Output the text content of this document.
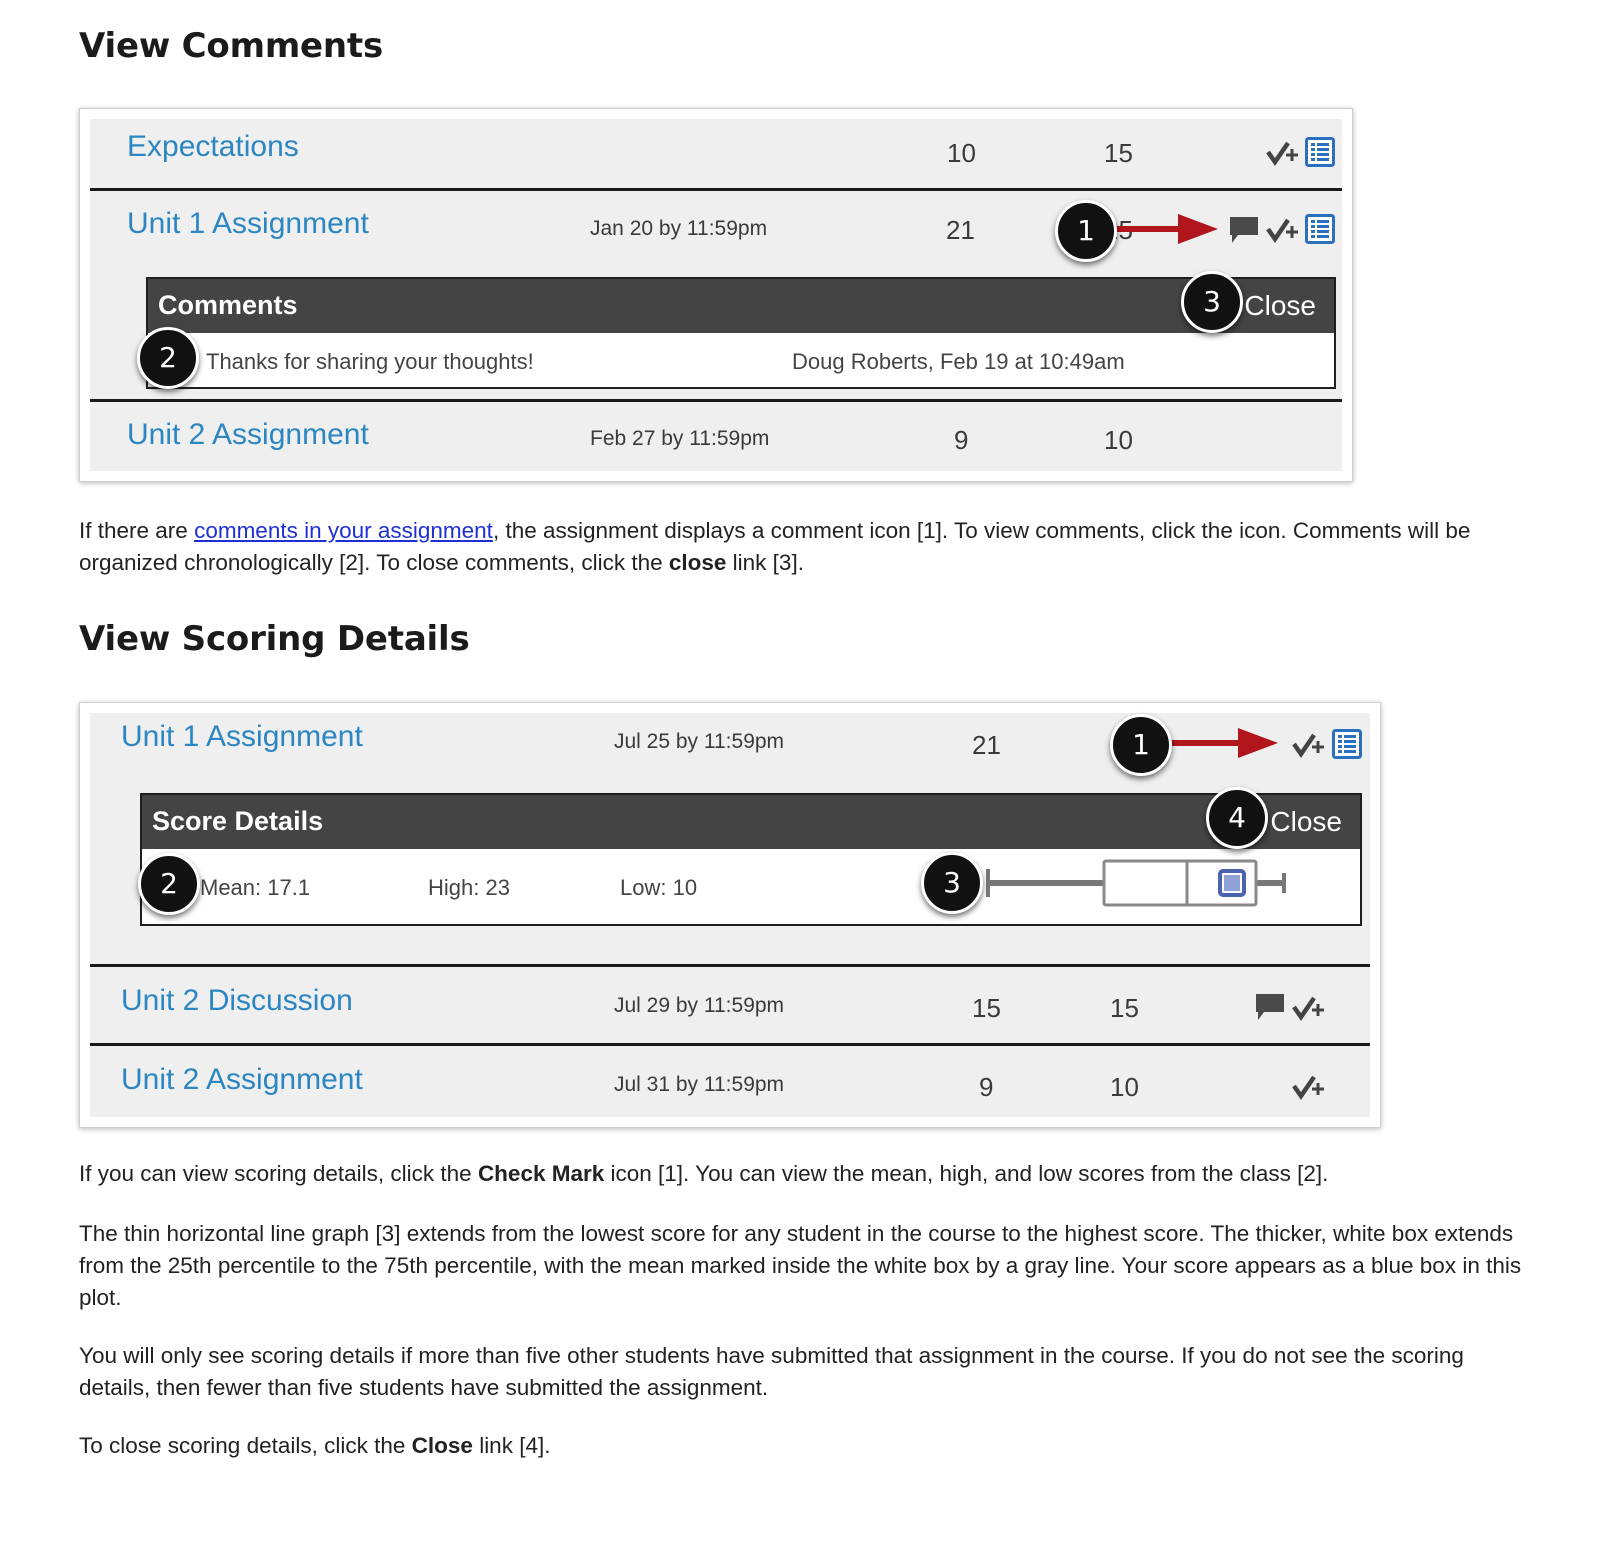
View Comments
Expectations	10	15
Unit 1 Assignment	Jan 20 by 11:59pm	21	1
Comments	Close
Thanks for sharing your thoughts!	Doug Roberts, Feb 19 at 10:49am
2
3
Unit 2 Assignment	Feb 27 by 11:59pm	9	10

If there are comments in your assignment, the assignment displays a comment icon [1]. To view comments, click the icon. Comments will be organized chronologically [2]. To close comments, click the close link [3].

View Scoring Details
Unit 1 Assignment	Jul 25 by 11:59pm	21	1
Score Details	Close
Mean: 17.1	High: 23	Low: 10
2	3
4
Unit 2 Discussion	Jul 29 by 11:59pm	15	15
Unit 2 Assignment	Jul 31 by 11:59pm	9	10

If you can view scoring details, click the Check Mark icon [1]. You can view the mean, high, and low scores from the class [2].

The thin horizontal line graph [3] extends from the lowest score for any student in the course to the highest score. The thicker, white box extends from the 25th percentile to the 75th percentile, with the mean marked inside the white box by a gray line. Your score appears as a blue box in this plot.

You will only see scoring details if more than five other students have submitted that assignment in the course. If you do not see the scoring details, then fewer than five students have submitted the assignment.

To close scoring details, click the Close link [4].
